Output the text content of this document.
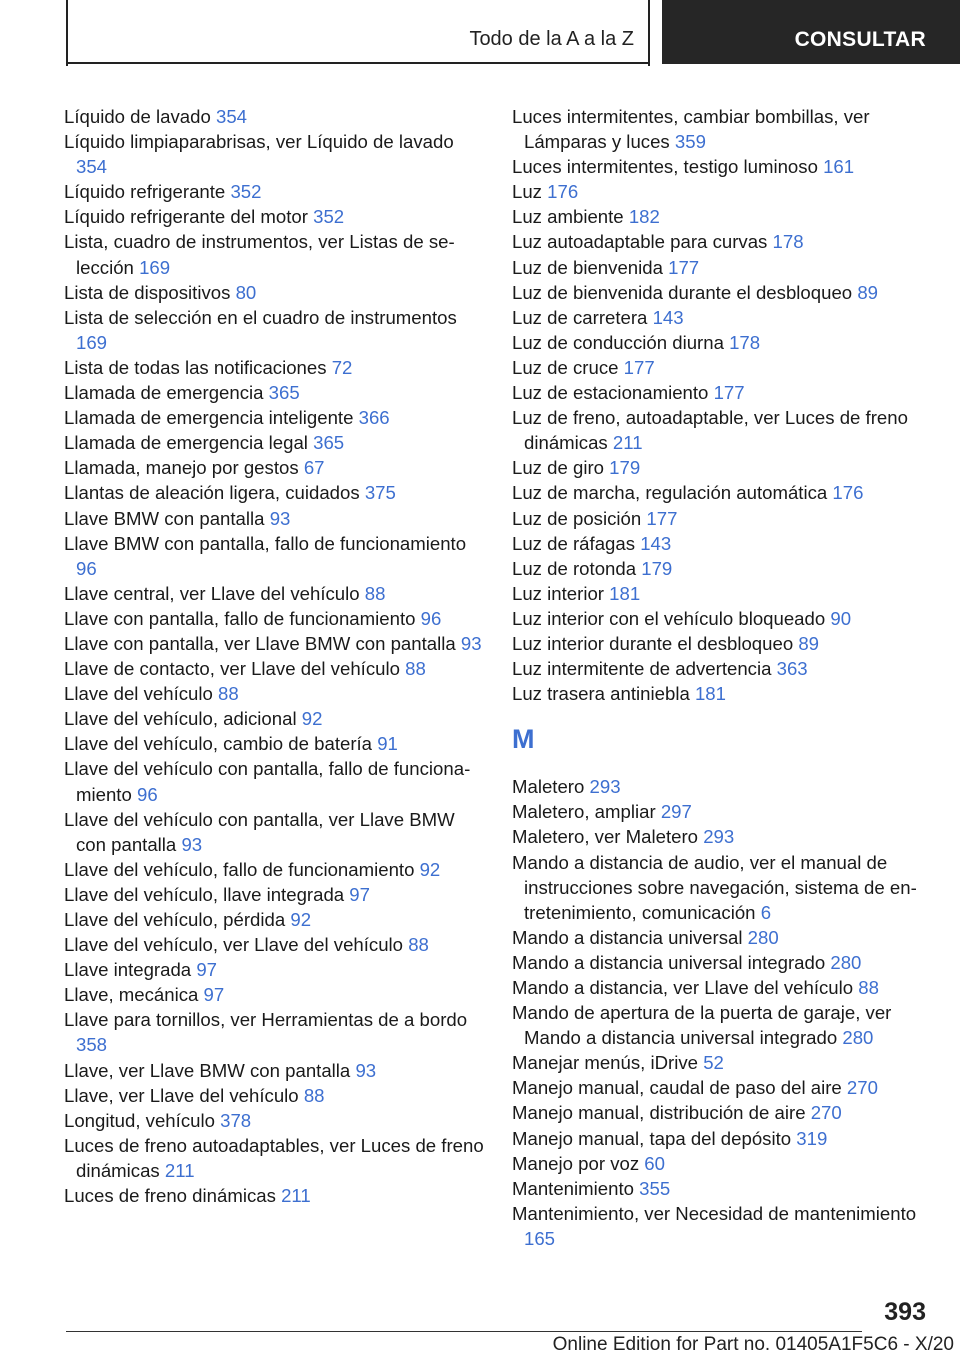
Todo de la A a la Z	CONSULTAR

Líquido de lavado 354

Líquido limpiaparabrisas, ver Líquido de lavado 354

Líquido refrigerante 352

Líquido refrigerante del motor 352

Lista, cuadro de instrumentos, ver Listas de selección 169

Lista de dispositivos 80

Lista de selección en el cuadro de instrumentos 169

Lista de todas las notificaciones 72

Llamada de emergencia 365

Llamada de emergencia inteligente 366

Llamada de emergencia legal 365

Llamada, manejo por gestos 67

Llantas de aleación ligera, cuidados 375

Llave BMW con pantalla 93

Llave BMW con pantalla, fallo de funcionamiento 96

Llave central, ver Llave del vehículo 88

Llave con pantalla, fallo de funcionamiento 96

Llave con pantalla, ver Llave BMW con pantalla 93

Llave de contacto, ver Llave del vehículo 88

Llave del vehículo 88

Llave del vehículo, adicional 92

Llave del vehículo, cambio de batería 91

Llave del vehículo con pantalla, fallo de funcionamiento 96

Llave del vehículo con pantalla, ver Llave BMW con pantalla 93

Llave del vehículo, fallo de funcionamiento 92

Llave del vehículo, llave integrada 97

Llave del vehículo, pérdida 92

Llave del vehículo, ver Llave del vehículo 88

Llave integrada 97

Llave, mecánica 97

Llave para tornillos, ver Herramientas de a bordo 358

Llave, ver Llave BMW con pantalla 93

Llave, ver Llave del vehículo 88

Longitud, vehículo 378

Luces de freno autoadaptables, ver Luces de freno dinámicas 211

Luces de freno dinámicas 211

Luces intermitentes, cambiar bombillas, ver Lámparas y luces 359

Luces intermitentes, testigo luminoso 161

Luz 176

Luz ambiente 182

Luz autoadaptable para curvas 178

Luz de bienvenida 177

Luz de bienvenida durante el desbloqueo 89

Luz de carretera 143

Luz de conducción diurna 178

Luz de cruce 177

Luz de estacionamiento 177

Luz de freno, autoadaptable, ver Luces de freno dinámicas 211

Luz de giro 179

Luz de marcha, regulación automática 176

Luz de posición 177

Luz de ráfagas 143

Luz de rotonda 179

Luz interior 181

Luz interior con el vehículo bloqueado 90

Luz interior durante el desbloqueo 89

Luz intermitente de advertencia 363

Luz trasera antiniebla 181

M

Maletero 293

Maletero, ampliar 297

Maletero, ver Maletero 293

Mando a distancia de audio, ver el manual de instrucciones sobre navegación, sistema de entretenimiento, comunicación 6

Mando a distancia universal 280

Mando a distancia universal integrado 280

Mando a distancia, ver Llave del vehículo 88

Mando de apertura de la puerta de garaje, ver Mando a distancia universal integrado 280

Manejar menús, iDrive 52

Manejo manual, caudal de paso del aire 270

Manejo manual, distribución de aire 270

Manejo manual, tapa del depósito 319

Manejo por voz 60

Mantenimiento 355

Mantenimiento, ver Necesidad de mantenimiento 165

393
Online Edition for Part no. 01405A1F5C6 - X/20
